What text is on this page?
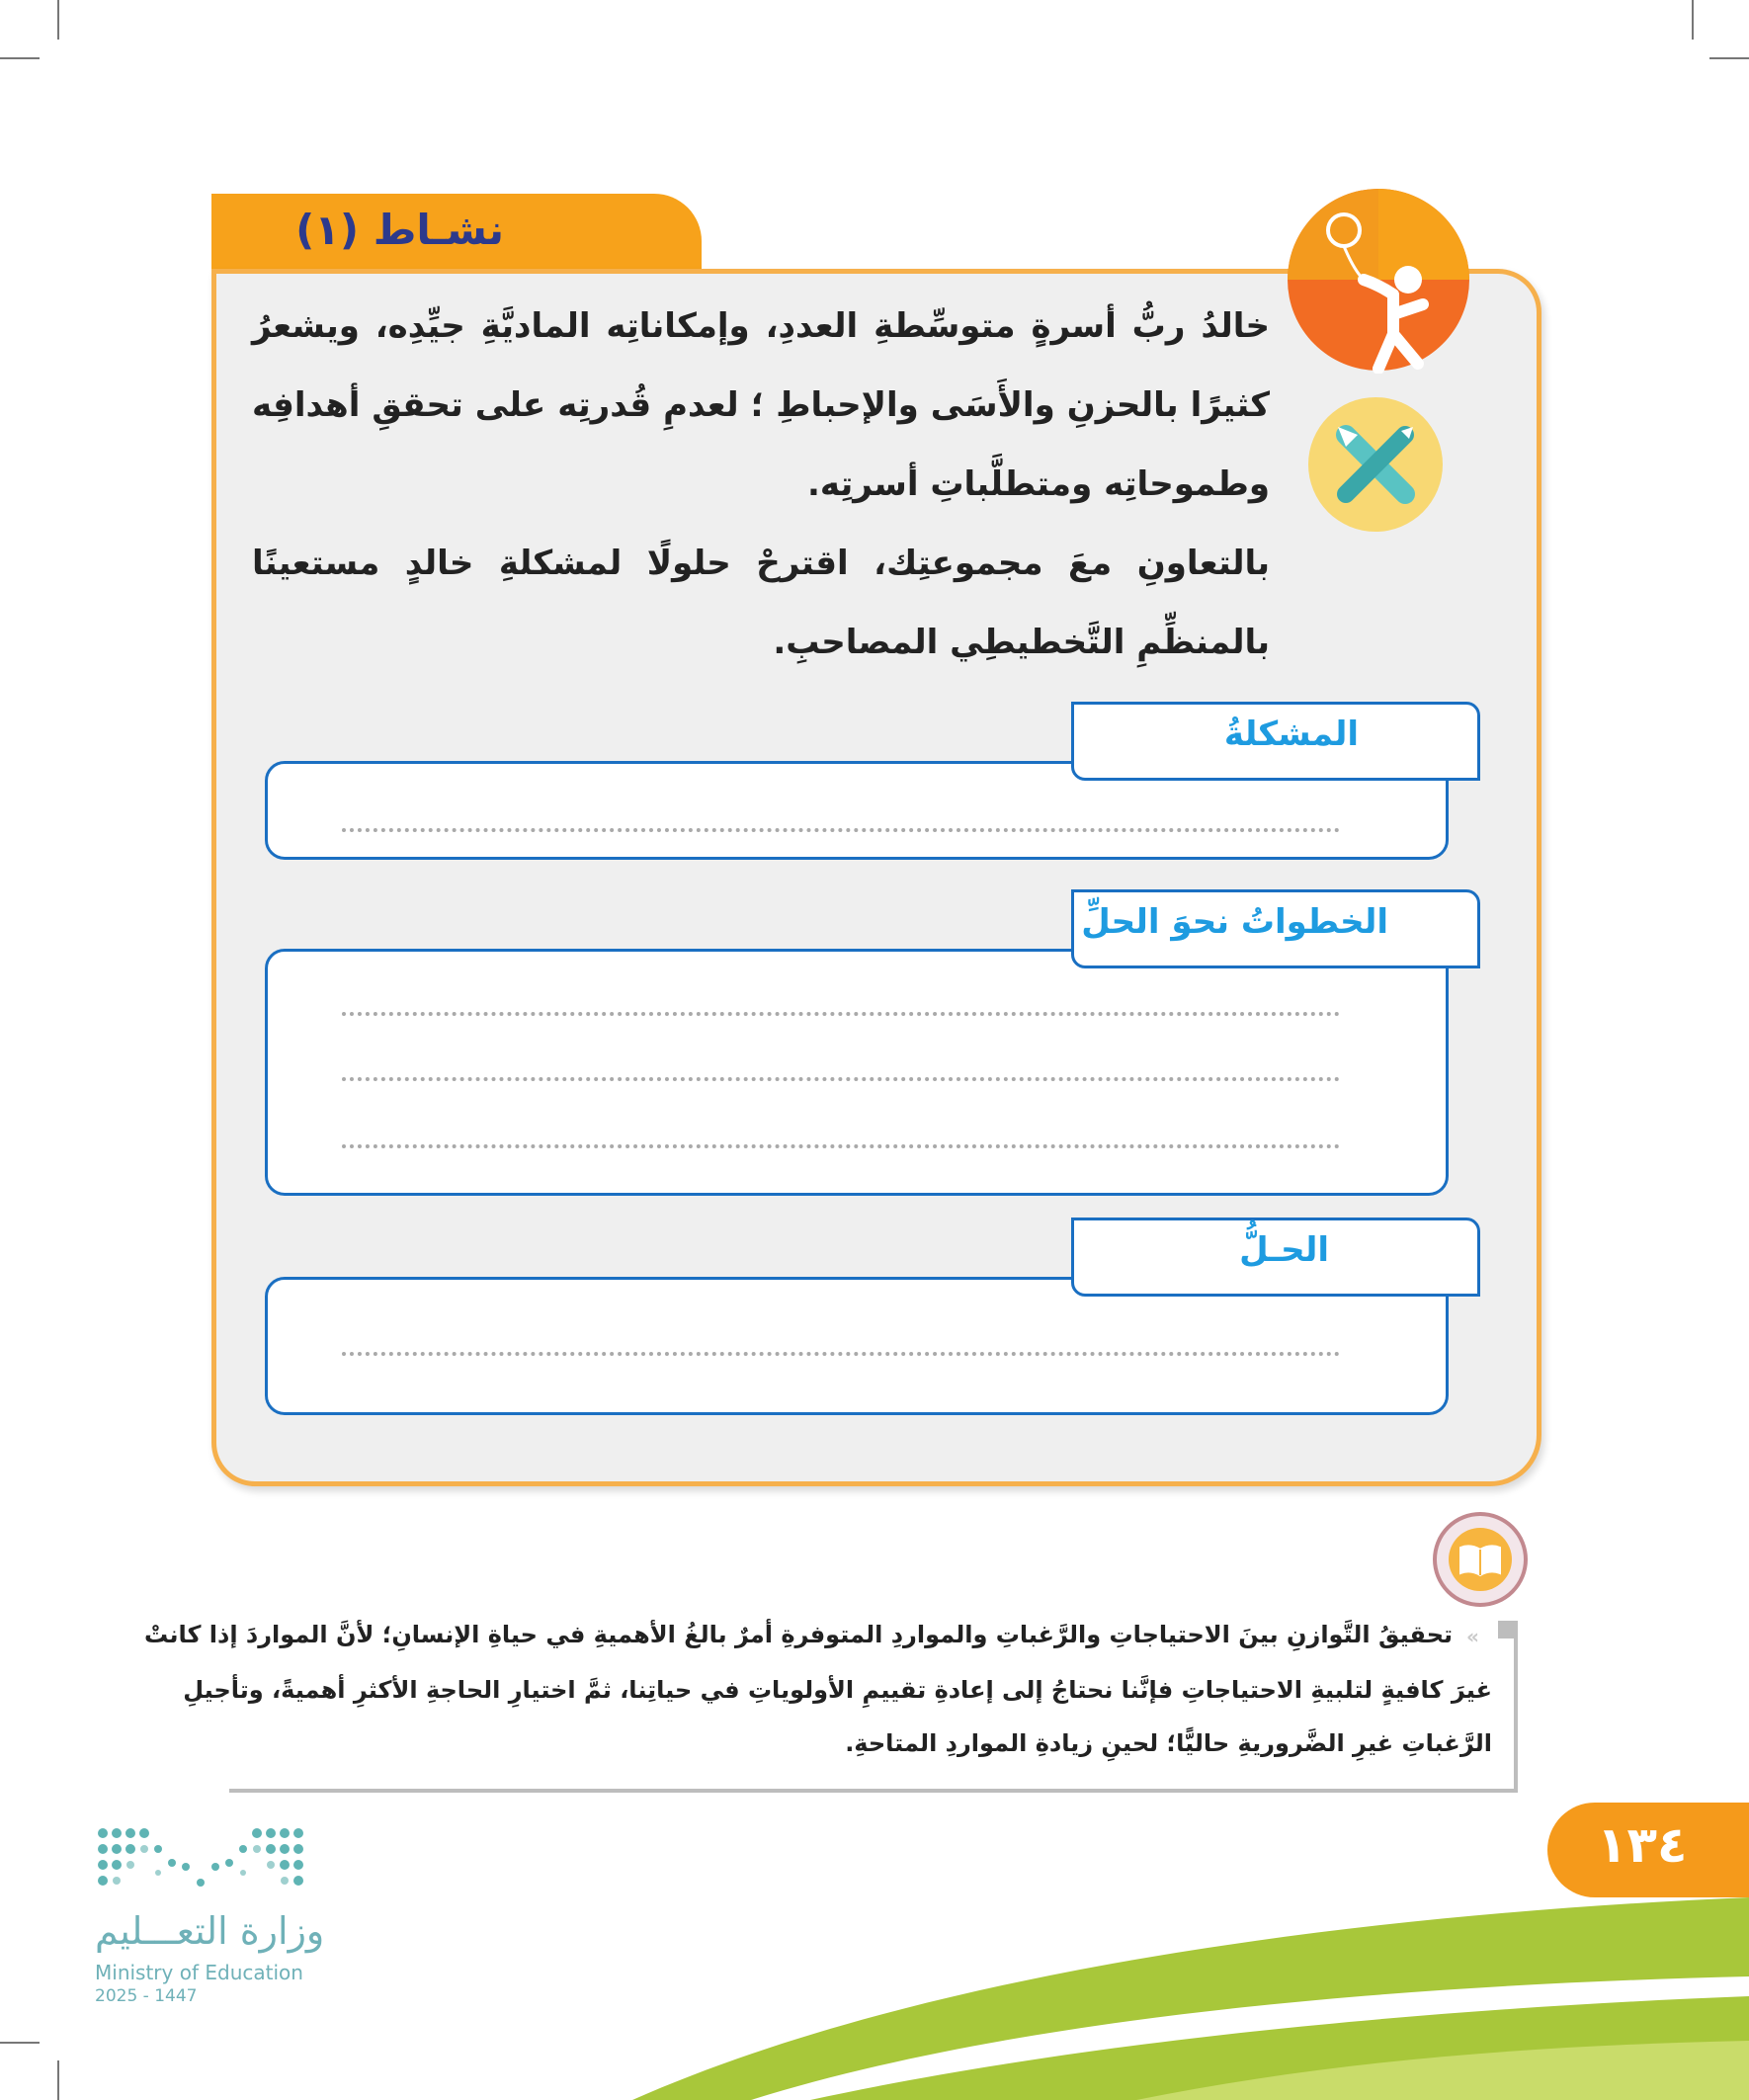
نشـاط (١)
خالدُ ربُّ أسرةٍ متوسِّطةِ العددِ، وإمكاناتِه الماديَّةِ جيِّدِه، ويشعرُ كثيرًا بالحزنِ والأَسَى والإحباطِ ؛ لعدمِ قُدرتِه على تحققِ أهدافِه وطموحاتِه ومتطلَّباتِ أسرتِه.
بالتعاونِ معَ مجموعتِك، اقترحْ حلولًا لمشكلةِ خالدٍ مستعينًا بالمنظِّمِ التَّخطيطِي المصاحبِ.
المشكلةُ
الخطواتُ نحوَ الحلِّ
الحـلُّ
«
تحقيقُ التَّوازنِ بينَ الاحتياجاتِ والرَّغباتِ والمواردِ المتوفرةِ أمرٌ بالغُ الأهميةِ في حياةِ الإنسانِ؛ لأنَّ المواردَ إذا كانتْ
غيرَ كافيةٍ لتلبيةِ الاحتياجاتِ فإنَّنا نحتاجُ إلى إعادةِ تقييمِ الأولوياتِ في حياتِنا، ثمَّ اختيارِ الحاجةِ الأكثرِ أهميةً، وتأجيلِ
الرَّغباتِ غيرِ الضَّروريةِ حاليًّا؛ لحينِ زيادةِ المواردِ المتاحةِ.
١٣٤
وزارة التعـــليم
Ministry of Education
2025 - 1447
